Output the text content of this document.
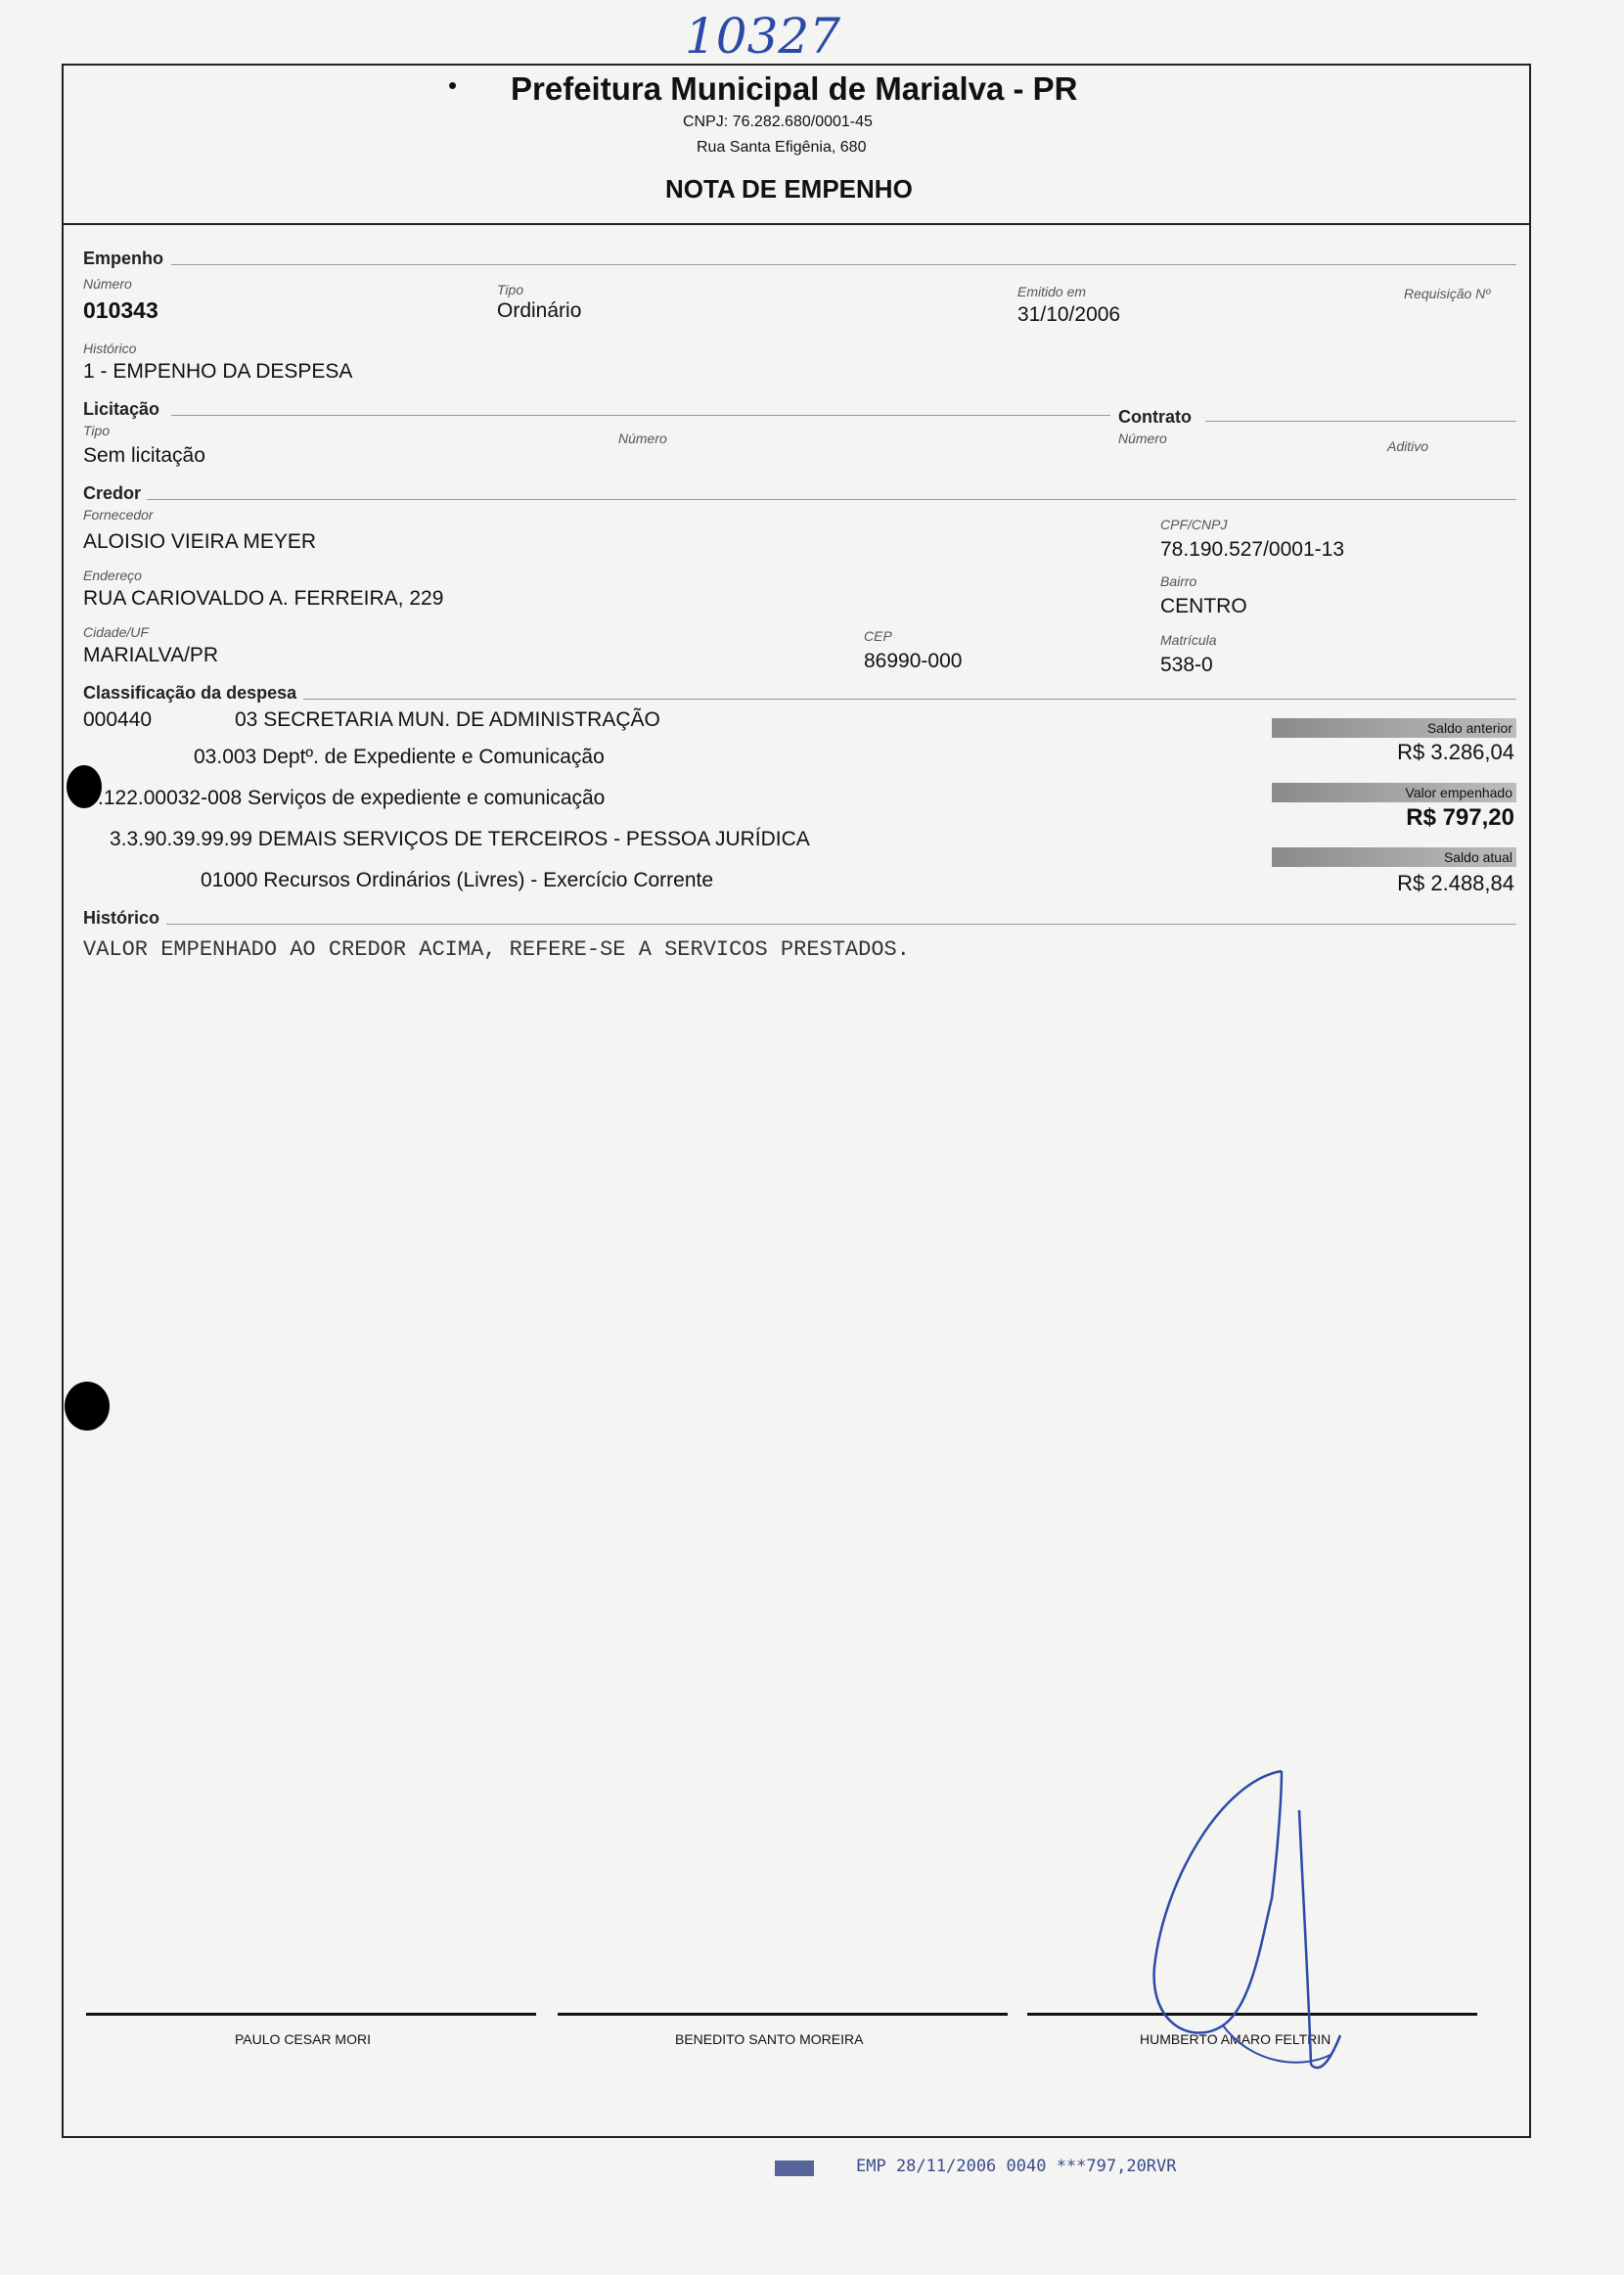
10327
• Prefeitura Municipal de Marialva - PR
CNPJ: 76.282.680/0001-45
Rua Santa Efigênia, 680
NOTA DE EMPENHO
Empenho
Número
010343
Tipo
Ordinário
Emitido em
31/10/2006
Requisição Nº
Histórico
1 - EMPENHO DA DESPESA
Licitação
Tipo
Sem licitação
Número
Contrato
Número	Aditivo
Credor
Fornecedor
ALOISIO VIEIRA MEYER
CPF/CNPJ
78.190.527/0001-13
Endereço
RUA CARIOVALDO A. FERREIRA, 229
Bairro
CENTRO
Cidade/UF
MARIALVA/PR
CEP
86990-000
Matrícula
538-0
Classificação da despesa
000440	03 SECRETARIA MUN. DE ADMINISTRAÇÃO
03.003 Deptº. de Expediente e Comunicação
.122.00032-008 Serviços de expediente e comunicação
3.3.90.39.99.99 DEMAIS SERVIÇOS DE TERCEIROS - PESSOA JURÍDICA
01000 Recursos Ordinários (Livres) - Exercício Corrente
Saldo anterior
R$ 3.286,04
Valor empenhado
R$ 797,20
Saldo atual
R$ 2.488,84
Histórico
VALOR EMPENHADO AO CREDOR ACIMA, REFERE-SE A SERVICOS PRESTADOS.
PAULO CESAR MORI	BENEDITO SANTO MOREIRA	HUMBERTO AMARO FELTRIN
EMP 28/11/2006 0040 ***797,20RVR
